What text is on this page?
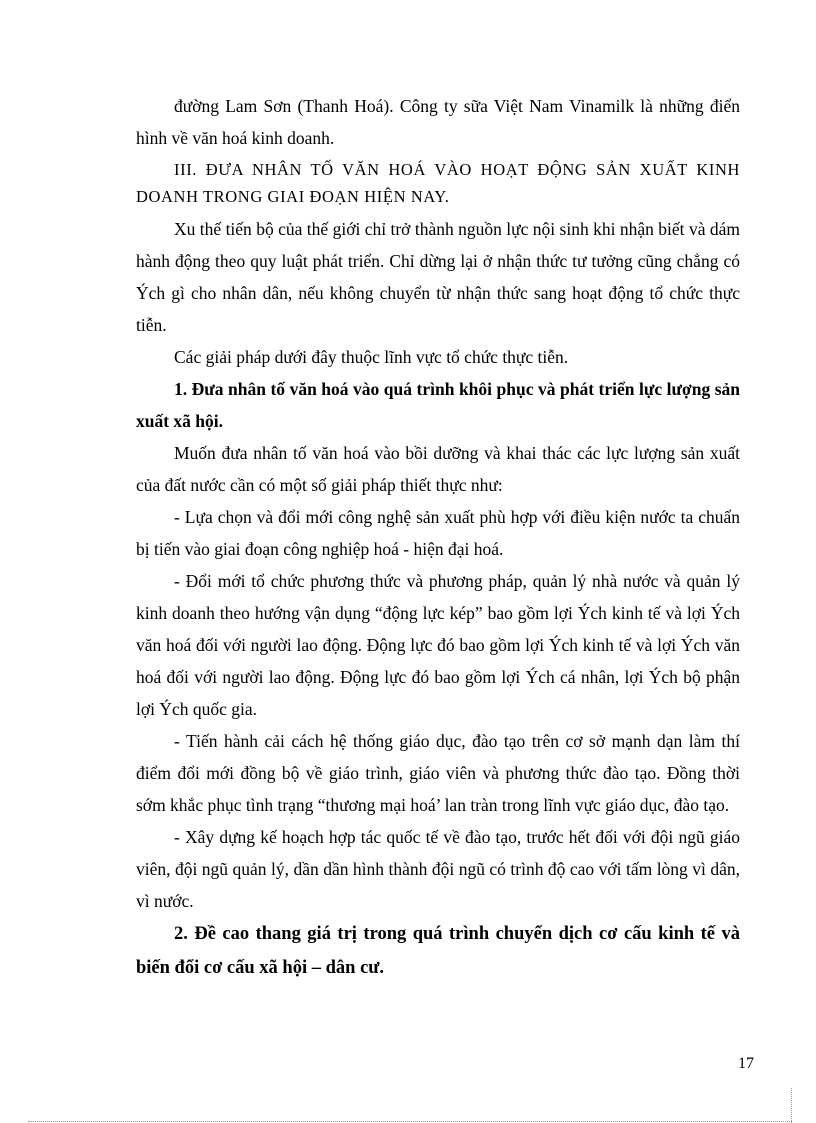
đường Lam Sơn (Thanh Hoá). Công ty sữa Việt Nam Vinamilk là những điển hình về văn hoá kinh doanh.

III. ĐƯA NHÂN TỐ VĂN HOÁ VÀO HOẠT ĐỘNG SẢN XUẤT KINH DOANH TRONG GIAI ĐOẠN HIỆN NAY.

Xu thế tiến bộ của thế giới chỉ trở thành nguồn lực nội sinh khi nhận biết và dám hành động theo quy luật phát triển. Chỉ dừng lại ở nhận thức tư tưởng cũng chẳng có Ých gì cho nhân dân, nếu không chuyển từ nhận thức sang hoạt động tổ chức thực tiễn.

Các giải pháp dưới đây thuộc lĩnh vực tổ chức thực tiễn.

1. Đưa nhân tố văn hoá vào quá trình khôi phục và phát triển lực lượng sản xuất xã hội.

Muốn đưa nhân tố văn hoá vào bồi dưỡng và khai thác các lực lượng sản xuất của đất nước cần có một số giải pháp thiết thực như:

- Lựa chọn và đổi mới công nghệ sản xuất phù hợp với điều kiện nước ta chuẩn bị tiến vào giai đoạn công nghiệp hoá - hiện đại hoá.

- Đổi mới tổ chức phương thức và phương pháp, quản lý nhà nước và quản lý kinh doanh theo hướng vận dụng “động lực kép” bao gồm lợi Ých kinh tế và lợi Ých văn hoá đối với người lao động. Động lực đó bao gồm lợi Ých kinh tế và lợi Ých văn hoá đối với người lao động. Động lực đó bao gồm lợi Ých cá nhân, lợi Ých bộ phận lợi Ých quốc gia.

- Tiến hành cải cách hệ thống giáo dục, đào tạo trên cơ sở mạnh dạn làm thí điểm đổi mới đồng bộ về giáo trình, giáo viên và phương thức đào tạo. Đồng thời sớm khắc phục tình trạng “thương mại hoá’ lan tràn trong lĩnh vực giáo dục, đào tạo.

- Xây dựng kế hoạch hợp tác quốc tế về đào tạo, trước hết đối với đội ngũ giáo viên, đội ngũ quản lý, dần dần hình thành đội ngũ có trình độ cao với tấm lòng vì dân, vì nước.

2. Đề cao thang giá trị trong quá trình chuyển dịch cơ cấu kinh tế và biến đổi cơ cấu xã hội – dân cư.

17
